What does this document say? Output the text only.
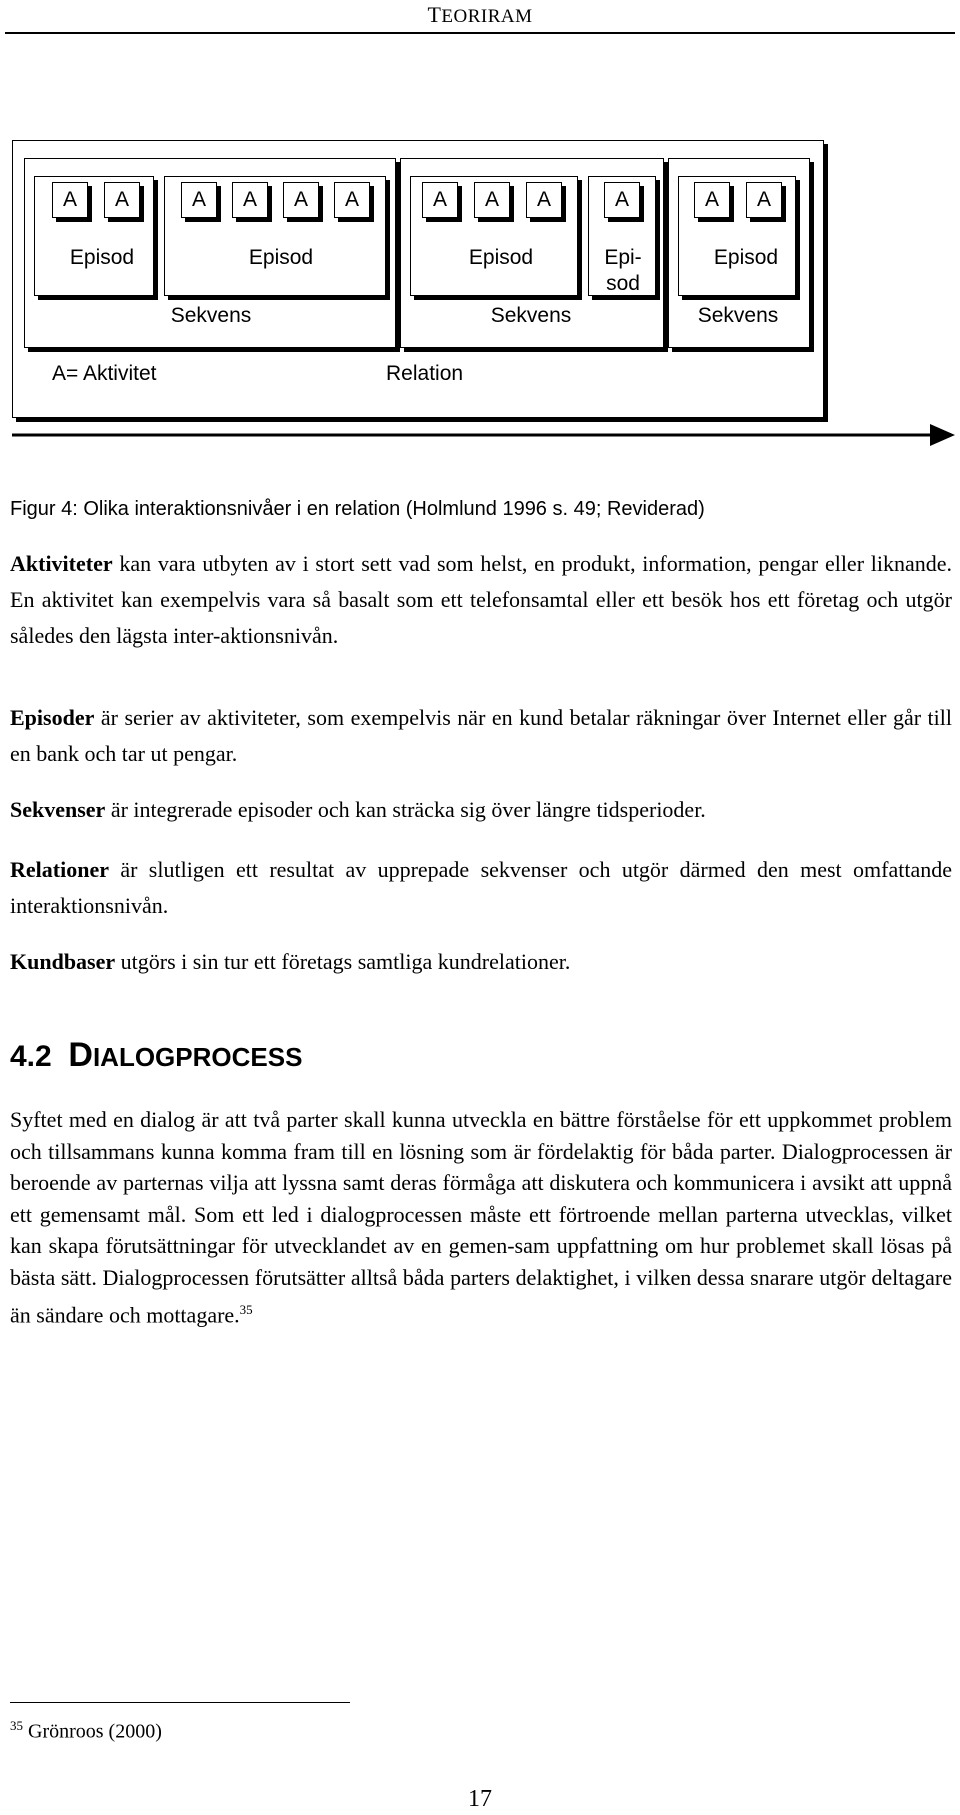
TEORIRAM
A A	A A A A	A A A	A	A A
Episod	Episod	Episod	Epi-
sod
Episod
Sekvens	Sekvens	Sekvens
A= Aktivitet	Relation
Figur 4: Olika interaktionsnivåer i en relation (Holmlund 1996 s. 49; Reviderad)
Aktiviteter kan vara utbyten av i stort sett vad som helst, en produkt, information, pengar eller liknande. En aktivitet kan exempelvis vara så basalt som ett telefonsamtal eller ett besök hos ett företag och utgör således den lägsta inter-aktionsnivån.
Episoder är serier av aktiviteter, som exempelvis när en kund betalar räkningar över Internet eller går till en bank och tar ut pengar.
Sekvenser är integrerade episoder och kan sträcka sig över längre tidsperioder.
Relationer är slutligen ett resultat av upprepade sekvenser och utgör därmed den mest omfattande interaktionsnivån.
Kundbaser utgörs i sin tur ett företags samtliga kundrelationer.
4.2 DIALOGPROCESS
Syftet med en dialog är att två parter skall kunna utveckla en bättre förståelse för ett uppkommet problem och tillsammans kunna komma fram till en lösning som är fördelaktig för båda parter. Dialogprocessen är beroende av parternas vilja att lyssna samt deras förmåga att diskutera och kommunicera i avsikt att uppnå ett gemensamt mål. Som ett led i dialogprocessen måste ett förtroende mellan parterna utvecklas, vilket kan skapa förutsättningar för utvecklandet av en gemen-sam uppfattning om hur problemet skall lösas på bästa sätt. Dialogprocessen förutsätter alltså båda parters delaktighet, i vilken dessa snarare utgör deltagare än sändare och mottagare.$^{35}$
$^{35}$ Grönroos (2000)
17
